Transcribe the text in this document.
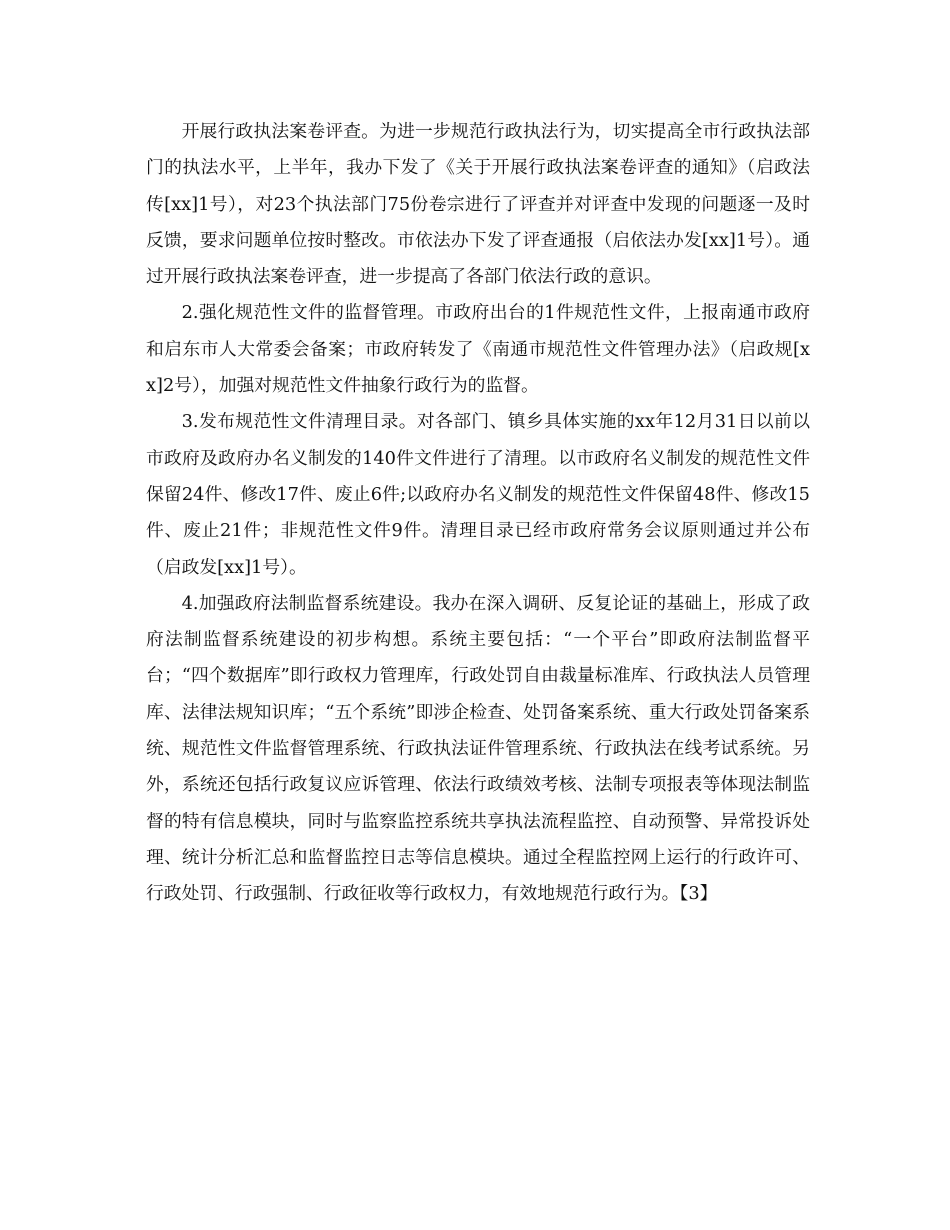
开展行政执法案卷评查。为进一步规范行政执法行为，切实提高全市行政执法部门的执法水平，上半年，我办下发了《关于开展行政执法案卷评查的通知》（启政法传[xx]1号），对23个执法部门75份卷宗进行了评查并对评查中发现的问题逐一及时反馈，要求问题单位按时整改。市依法办下发了评查通报（启依法办发[xx]1号）。通过开展行政执法案卷评查，进一步提高了各部门依法行政的意识。

2.强化规范性文件的监督管理。市政府出台的1件规范性文件，上报南通市政府和启东市人大常委会备案；市政府转发了《南通市规范性文件管理办法》（启政规[xx]2号），加强对规范性文件抽象行政行为的监督。

3.发布规范性文件清理目录。对各部门、镇乡具体实施的xx年12月31日以前以市政府及政府办名义制发的140件文件进行了清理。以市政府名义制发的规范性文件保留24件、修改17件、废止6件;以政府办名义制发的规范性文件保留48件、修改15件、废止21件；非规范性文件9件。清理目录已经市政府常务会议原则通过并公布（启政发[xx]1号）。

4.加强政府法制监督系统建设。我办在深入调研、反复论证的基础上，形成了政府法制监督系统建设的初步构想。系统主要包括：“一个平台”即政府法制监督平台；“四个数据库”即行政权力管理库，行政处罚自由裁量标准库、行政执法人员管理库、法律法规知识库；“五个系统”即涉企检查、处罚备案系统、重大行政处罚备案系统、规范性文件监督管理系统、行政执法证件管理系统、行政执法在线考试系统。另外，系统还包括行政复议应诉管理、依法行政绩效考核、法制专项报表等体现法制监督的特有信息模块，同时与监察监控系统共享执法流程监控、自动预警、异常投诉处理、统计分析汇总和监督监控日志等信息模块。通过全程监控网上运行的行政许可、行政处罚、行政强制、行政征收等行政权力，有效地规范行政行为。【3】
